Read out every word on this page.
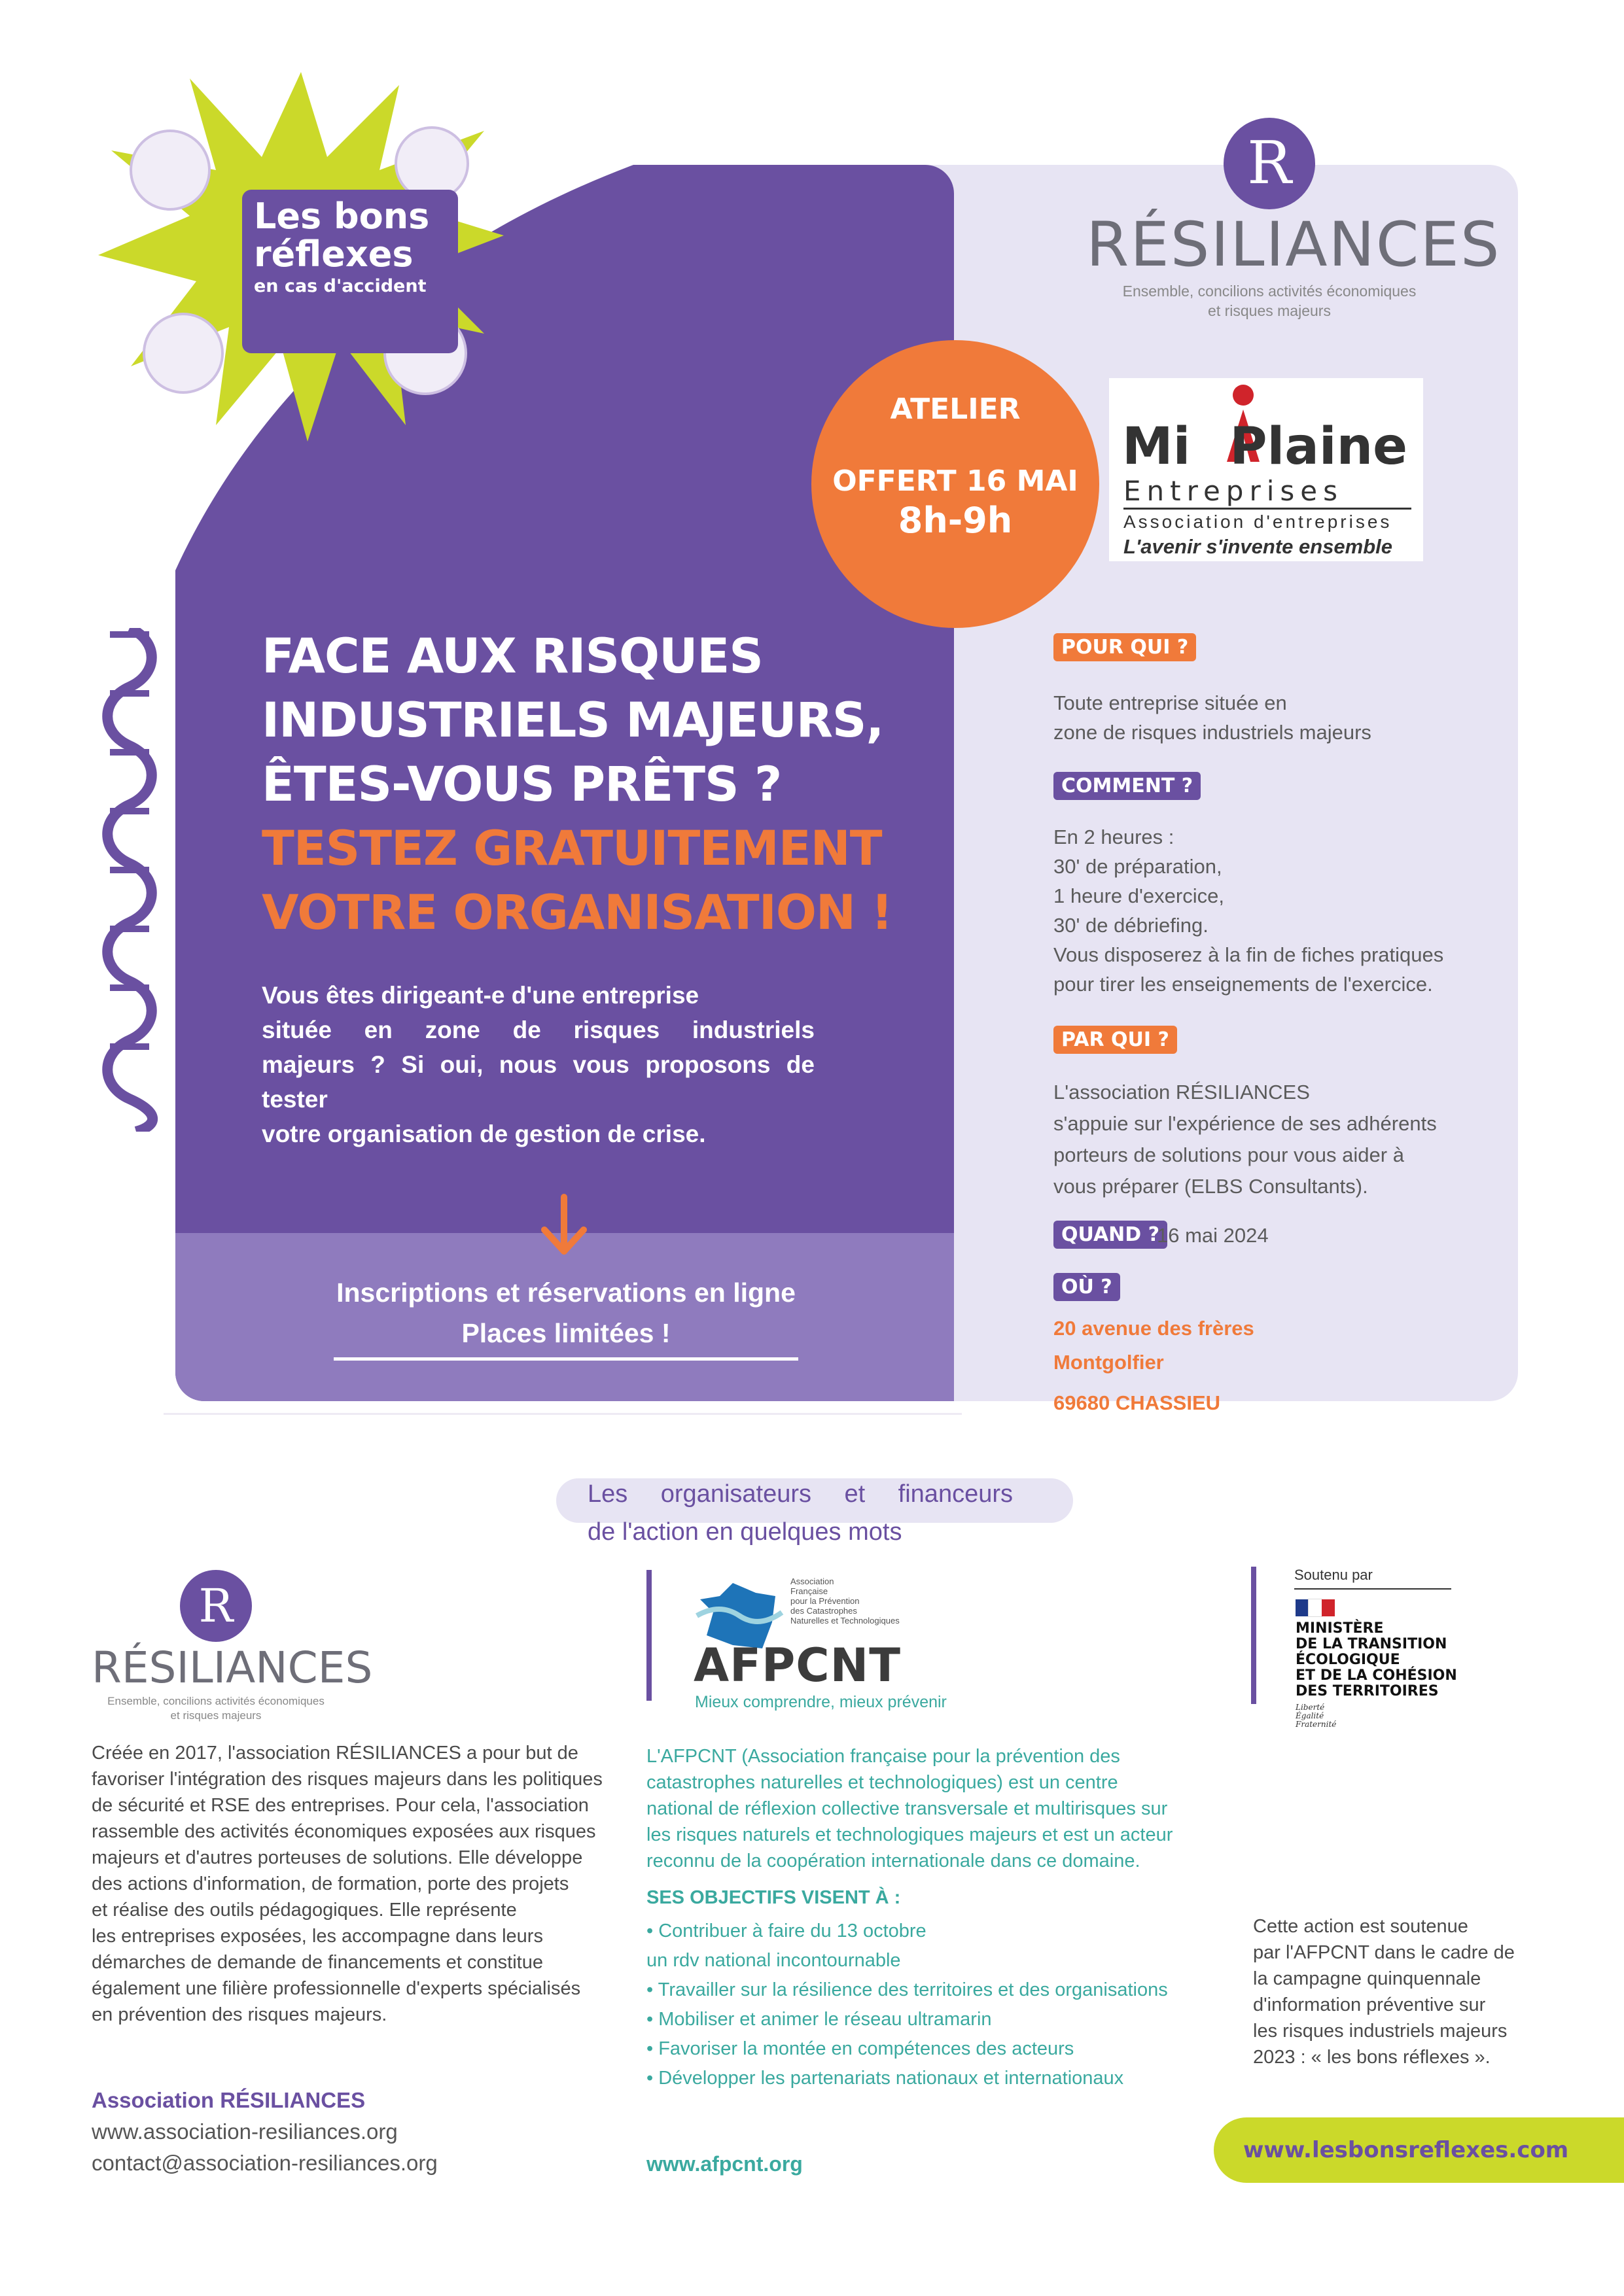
Les bons
réflexes
en cas d'accident
R
RÉSILIANCES
Ensemble, concilions activités économiques
et risques majeurs
ATELIER
OFFERT 16 MAI
8h-9h
Mi Plaine
Entreprises
Association d'entreprises
L'avenir s'invente ensemble
FACE AUX RISQUES
INDUSTRIELS MAJEURS,
ÊTES-VOUS PRÊTS ?
TESTEZ GRATUITEMENT
VOTRE ORGANISATION !
Vous êtes dirigeant-e d'une entreprise
située en zone de risques industriels
majeurs ? Si oui, nous vous proposons de
tester
votre organisation de gestion de crise.
Inscriptions et réservations en ligne
Places limitées !
POUR QUI ?
Toute entreprise située en
zone de risques industriels majeurs
COMMENT ?
En 2 heures :
30' de préparation,
1 heure d'exercice,
30' de débriefing.
Vous disposerez à la fin de fiches pratiques
pour tirer les enseignements de l'exercice.
PAR QUI ?
L'association RÉSILIANCES
s'appuie sur l'expérience de ses adhérents
porteurs de solutions pour vous aider à
vous préparer (ELBS Consultants).
QUAND ?
16 mai 2024
OÙ ?
20 avenue des frères
Montgolfier
69680 CHASSIEU
Les organisateurs et financeurs
de l'action en quelques mots
R
RÉSILIANCES
Ensemble, concilions activités économiques
et risques majeurs
Créée en 2017, l'association RÉSILIANCES a pour but de
favoriser l'intégration des risques majeurs dans les politiques
de sécurité et RSE des entreprises. Pour cela, l'association
rassemble des activités économiques exposées aux risques
majeurs et d'autres porteuses de solutions. Elle développe
des actions d'information, de formation, porte des projets
et réalise des outils pédagogiques. Elle représente
les entreprises exposées, les accompagne dans leurs
démarches de demande de financements et constitue
également une filière professionnelle d'experts spécialisés
en prévention des risques majeurs.
Association RÉSILIANCES
www.association-resiliances.org
contact@association-resiliances.org
Association
Française
pour la Prévention
des Catastrophes
Naturelles et Technologiques
AFPCNT
Mieux comprendre, mieux prévenir
L'AFPCNT (Association française pour la prévention des
catastrophes naturelles et technologiques) est un centre
national de réflexion collective transversale et multirisques sur
les risques naturels et technologiques majeurs et est un acteur
reconnu de la coopération internationale dans ce domaine.
SES OBJECTIFS VISENT À :
• Contribuer à faire du 13 octobre
un rdv national incontournable
• Travailler sur la résilience des territoires et des organisations
• Mobiliser et animer le réseau ultramarin
• Favoriser la montée en compétences des acteurs
• Développer les partenariats nationaux et internationaux
www.afpcnt.org
Soutenu par
MINISTÈRE
DE LA TRANSITION
ÉCOLOGIQUE
ET DE LA COHÉSION
DES TERRITOIRES
Liberté
Égalité
Fraternité
Cette action est soutenue
par l'AFPCNT dans le cadre de
la campagne quinquennale
d'information préventive sur
les risques industriels majeurs
2023 : « les bons réflexes ».
www.lesbonsreflexes.com
